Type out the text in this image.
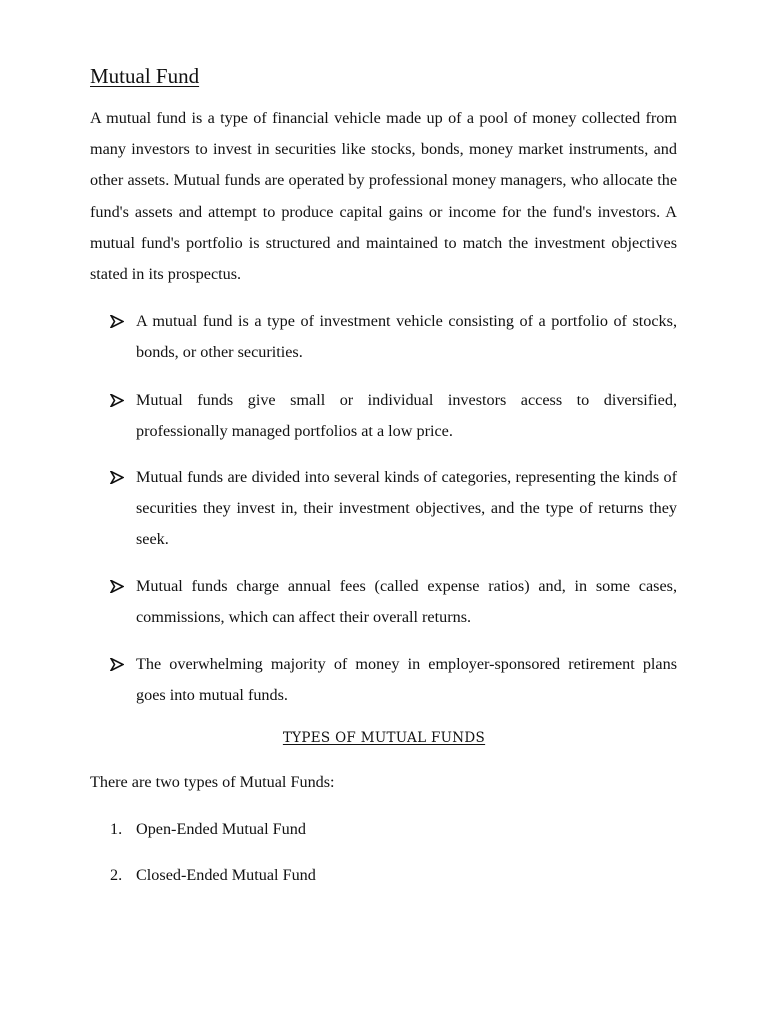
Mutual Fund

A mutual fund is a type of financial vehicle made up of a pool of money collected from many investors to invest in securities like stocks, bonds, money market instruments, and other assets. Mutual funds are operated by professional money managers, who allocate the fund's assets and attempt to produce capital gains or income for the fund's investors. A mutual fund's portfolio is structured and maintained to match the investment objectives stated in its prospectus.

A mutual fund is a type of investment vehicle consisting of a portfolio of stocks, bonds, or other securities.
Mutual funds give small or individual investors access to diversified, professionally managed portfolios at a low price.
Mutual funds are divided into several kinds of categories, representing the kinds of securities they invest in, their investment objectives, and the type of returns they seek.
Mutual funds charge annual fees (called expense ratios) and, in some cases, commissions, which can affect their overall returns.
The overwhelming majority of money in employer-sponsored retirement plans goes into mutual funds.
TYPES OF MUTUAL FUNDS

There are two types of Mutual Funds:

1. Open-Ended Mutual Fund
2. Closed-Ended Mutual Fund
